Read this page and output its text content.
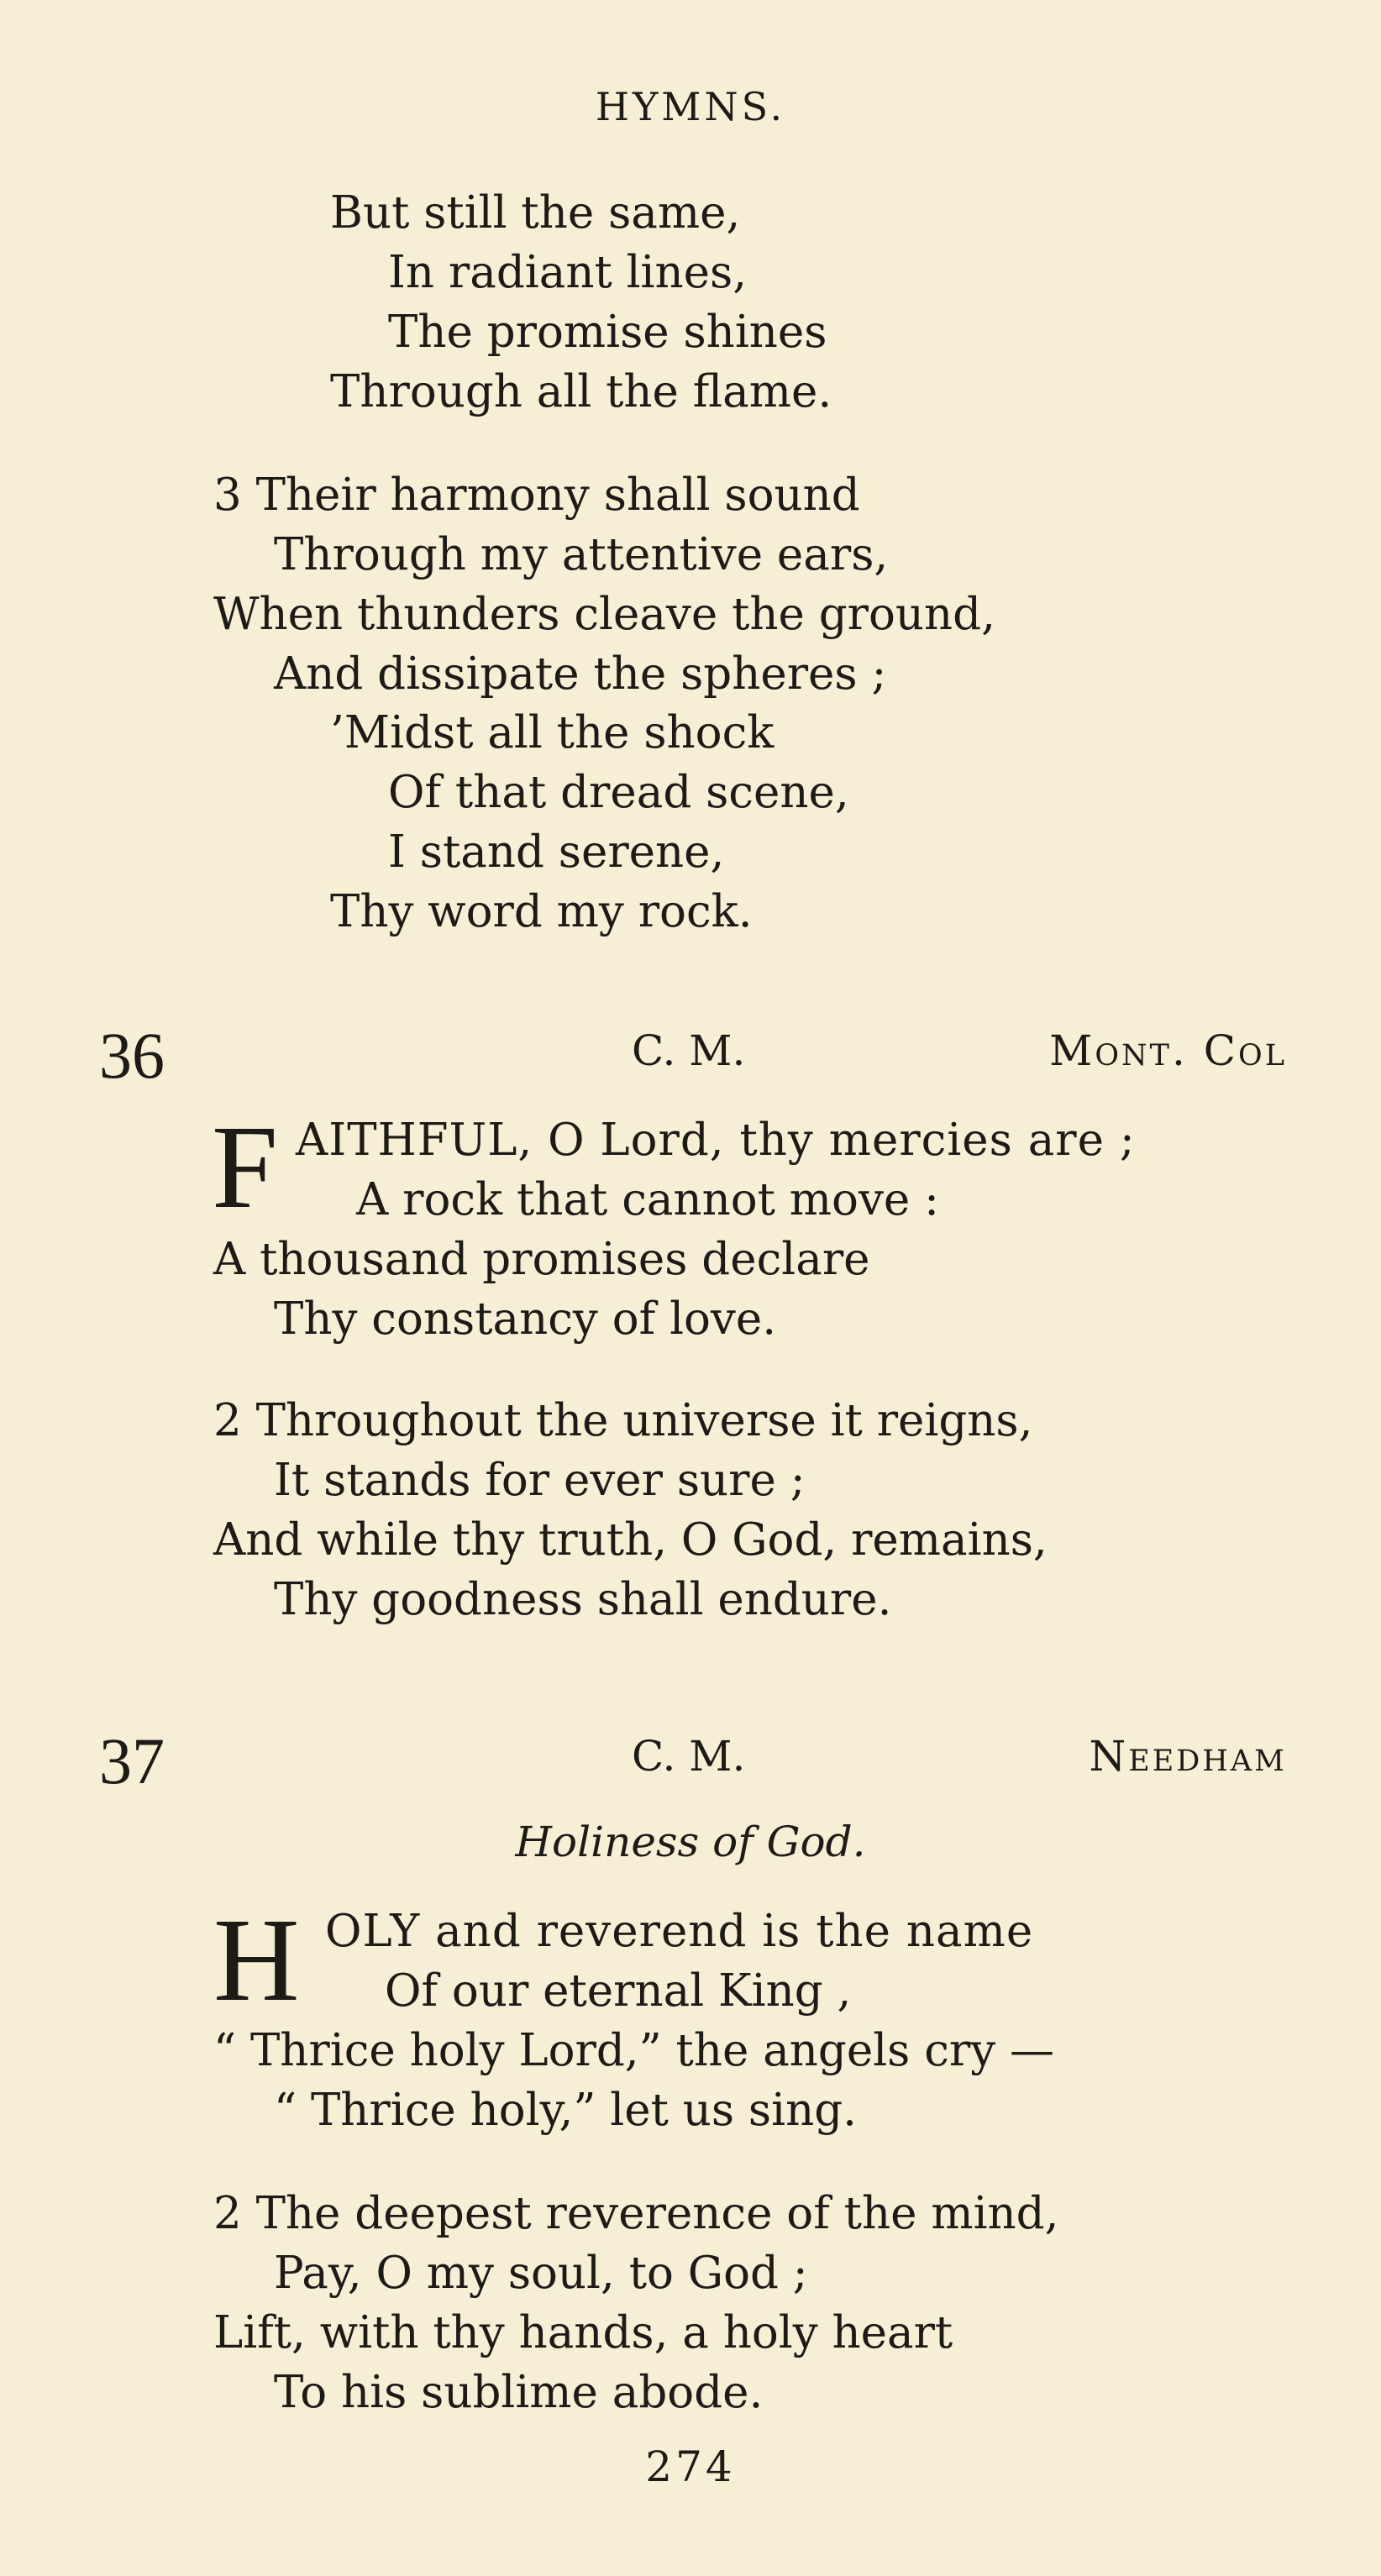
HYMNS.
But still the same,
In radiant lines,
The promise shines
Through all the flame.
3 Their harmony shall sound
Through my attentive ears,
When thunders cleave the ground,
And dissipate the spheres ;
’Midst all the shock
Of that dread scene,
I stand serene,
Thy word my rock.
36	C. M.	Mont. Col
F AITHFUL, O Lord, thy mercies are ;
A rock that cannot move :
A thousand promises declare
Thy constancy of love.
2 Throughout the universe it reigns,
It stands for ever sure ;
And while thy truth, O God, remains,
Thy goodness shall endure.
37	C. M.	Needham
Holiness of God.
H OLY and reverend is the name
Of our eternal King ,
“ Thrice holy Lord,” the angels cry —
“ Thrice holy,” let us sing.
2 The deepest reverence of the mind,
Pay, O my soul, to God ;
Lift, with thy hands, a holy heart
To his sublime abode.
274
